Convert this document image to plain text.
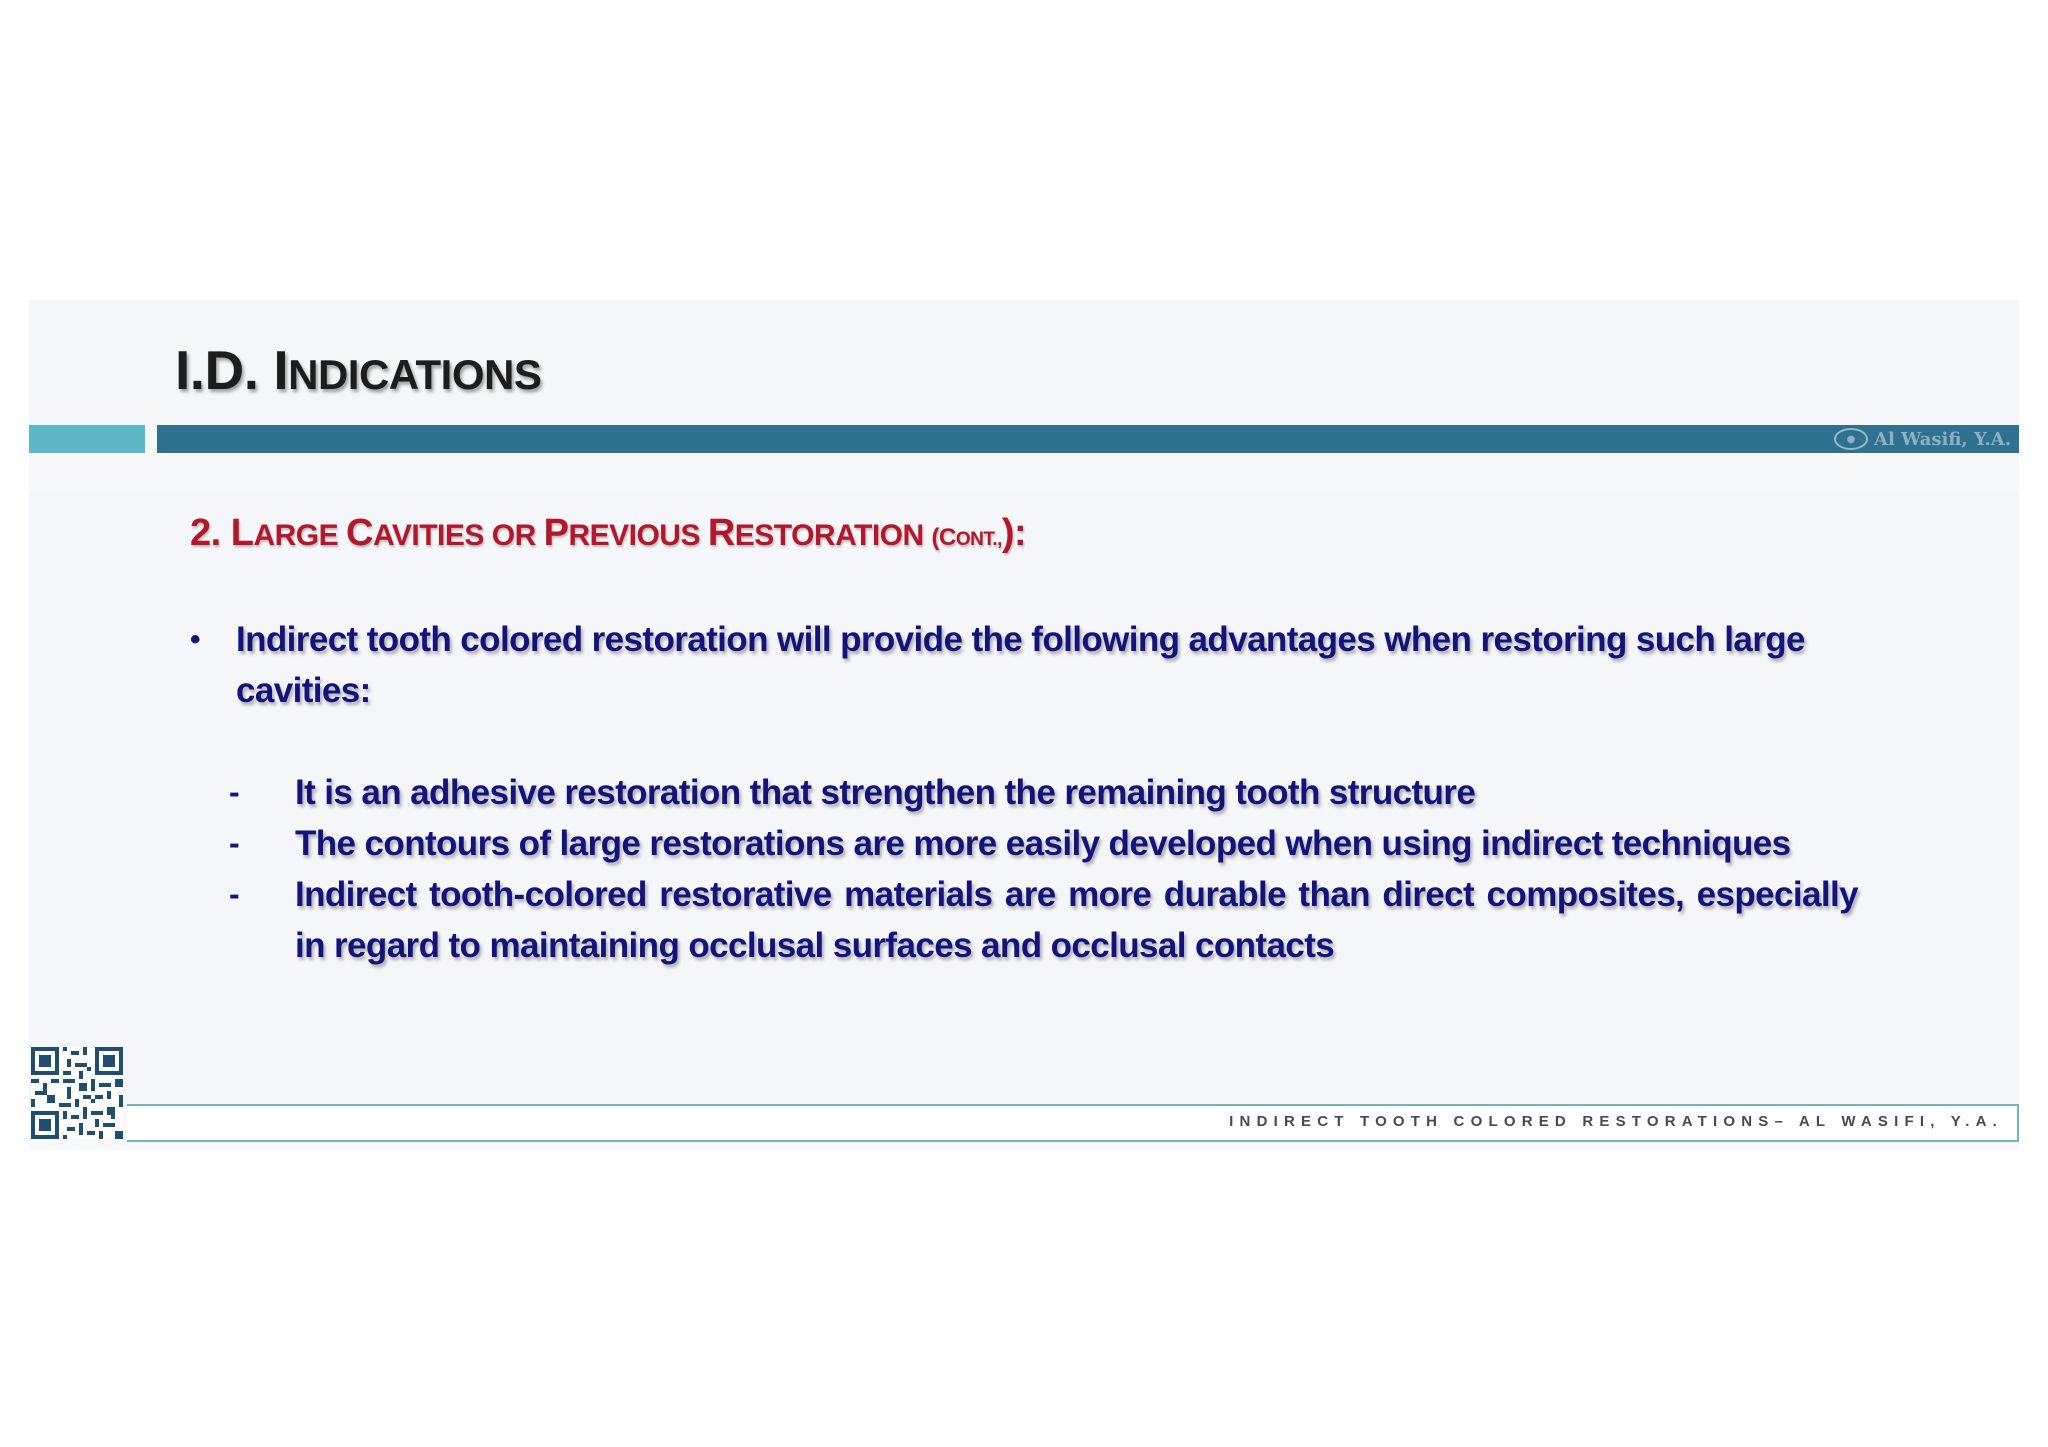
I.D. INDICATIONS
●	Al Wasifi, Y.A.
2. LARGE CAVITIES OR PREVIOUS RESTORATION (CONT.,):
•	Indirect tooth colored restoration will provide the following advantages when restoring such large cavities:
-	It is an adhesive restoration that strengthen the remaining tooth structure
-	The contours of large restorations are more easily developed when using indirect techniques
-	Indirect tooth-colored restorative materials are more durable than direct composites, especially in regard to maintaining occlusal surfaces and occlusal contacts
INDIRECT TOOTH COLORED RESTORATIONS– AL WASIFI, Y.A.
